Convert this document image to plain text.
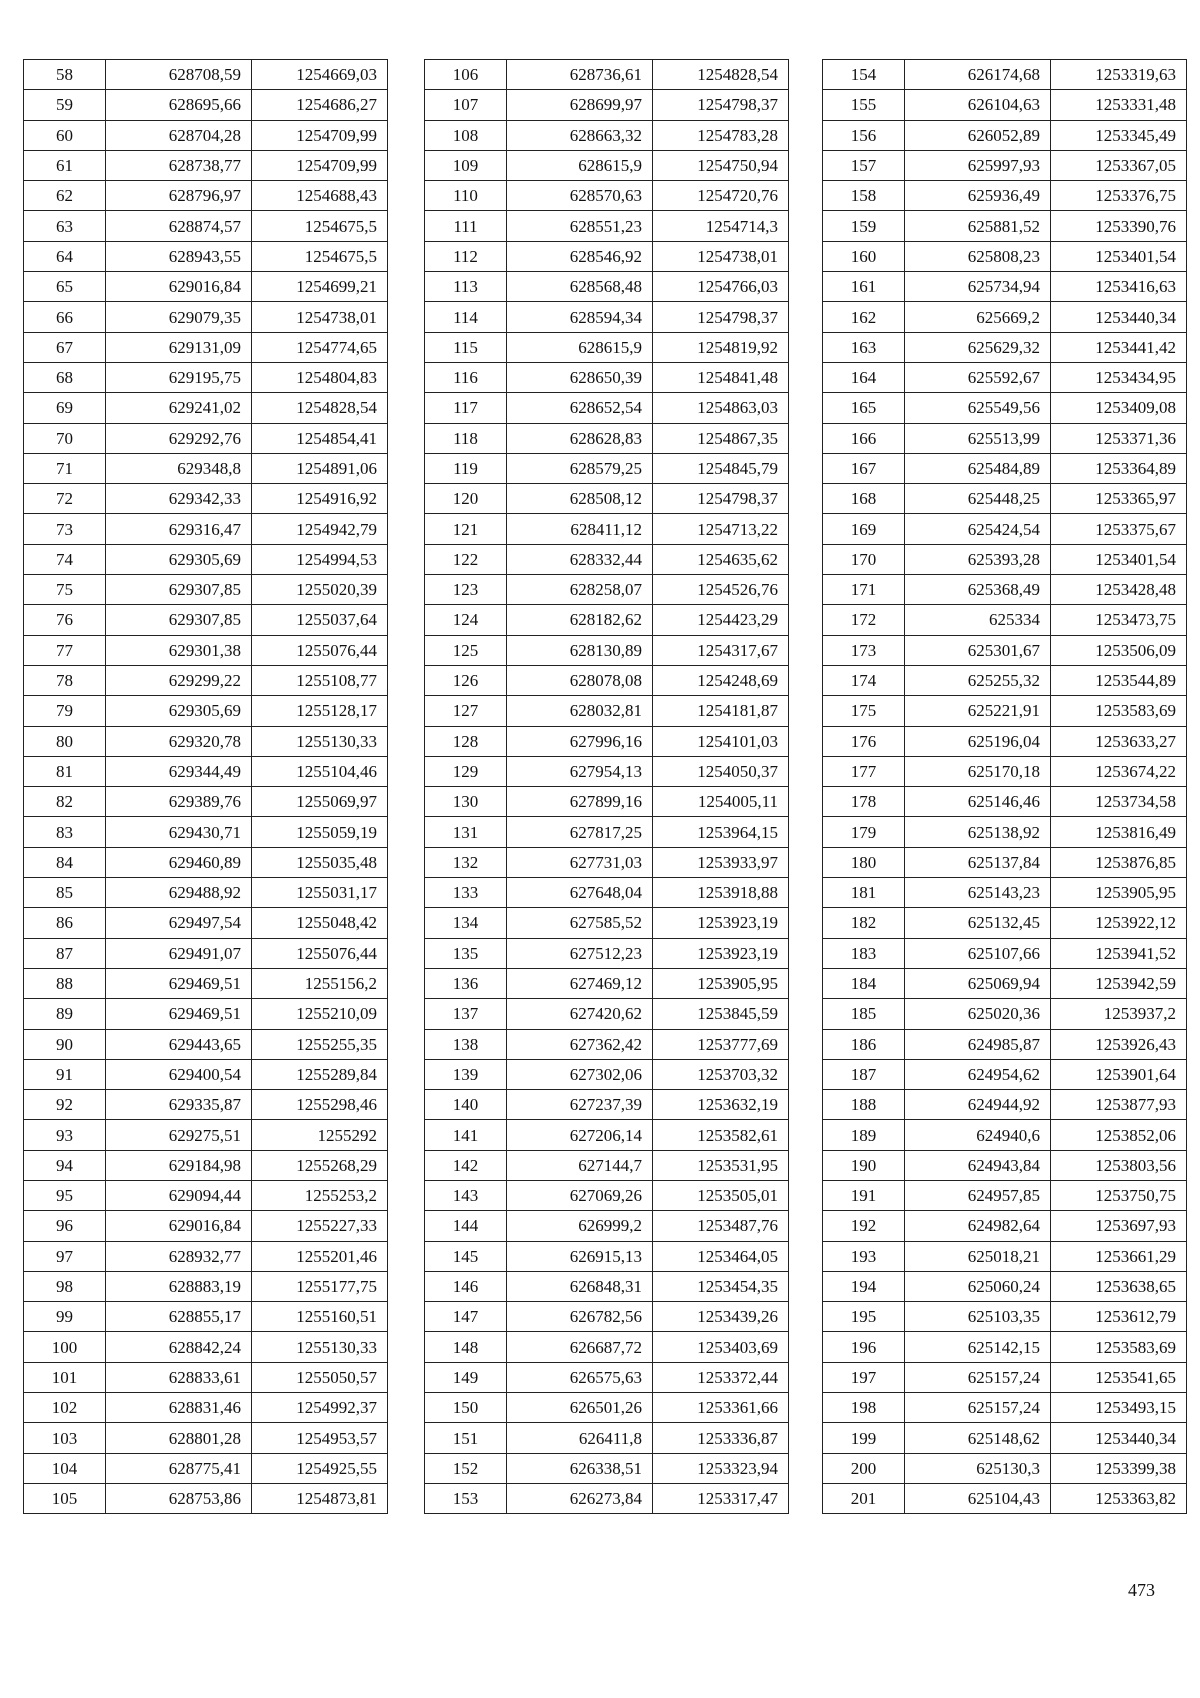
58	628708,59	1254669,03
59	628695,66	1254686,27
60	628704,28	1254709,99
61	628738,77	1254709,99
62	628796,97	1254688,43
63	628874,57	1254675,5
64	628943,55	1254675,5
65	629016,84	1254699,21
66	629079,35	1254738,01
67	629131,09	1254774,65
68	629195,75	1254804,83
69	629241,02	1254828,54
70	629292,76	1254854,41
71	629348,8	1254891,06
72	629342,33	1254916,92
73	629316,47	1254942,79
74	629305,69	1254994,53
75	629307,85	1255020,39
76	629307,85	1255037,64
77	629301,38	1255076,44
78	629299,22	1255108,77
79	629305,69	1255128,17
80	629320,78	1255130,33
81	629344,49	1255104,46
82	629389,76	1255069,97
83	629430,71	1255059,19
84	629460,89	1255035,48
85	629488,92	1255031,17
86	629497,54	1255048,42
87	629491,07	1255076,44
88	629469,51	1255156,2
89	629469,51	1255210,09
90	629443,65	1255255,35
91	629400,54	1255289,84
92	629335,87	1255298,46
93	629275,51	1255292
94	629184,98	1255268,29
95	629094,44	1255253,2
96	629016,84	1255227,33
97	628932,77	1255201,46
98	628883,19	1255177,75
99	628855,17	1255160,51
100	628842,24	1255130,33
101	628833,61	1255050,57
102	628831,46	1254992,37
103	628801,28	1254953,57
104	628775,41	1254925,55
105	628753,86	1254873,81
106	628736,61	1254828,54
107	628699,97	1254798,37
108	628663,32	1254783,28
109	628615,9	1254750,94
110	628570,63	1254720,76
111	628551,23	1254714,3
112	628546,92	1254738,01
113	628568,48	1254766,03
114	628594,34	1254798,37
115	628615,9	1254819,92
116	628650,39	1254841,48
117	628652,54	1254863,03
118	628628,83	1254867,35
119	628579,25	1254845,79
120	628508,12	1254798,37
121	628411,12	1254713,22
122	628332,44	1254635,62
123	628258,07	1254526,76
124	628182,62	1254423,29
125	628130,89	1254317,67
126	628078,08	1254248,69
127	628032,81	1254181,87
128	627996,16	1254101,03
129	627954,13	1254050,37
130	627899,16	1254005,11
131	627817,25	1253964,15
132	627731,03	1253933,97
133	627648,04	1253918,88
134	627585,52	1253923,19
135	627512,23	1253923,19
136	627469,12	1253905,95
137	627420,62	1253845,59
138	627362,42	1253777,69
139	627302,06	1253703,32
140	627237,39	1253632,19
141	627206,14	1253582,61
142	627144,7	1253531,95
143	627069,26	1253505,01
144	626999,2	1253487,76
145	626915,13	1253464,05
146	626848,31	1253454,35
147	626782,56	1253439,26
148	626687,72	1253403,69
149	626575,63	1253372,44
150	626501,26	1253361,66
151	626411,8	1253336,87
152	626338,51	1253323,94
153	626273,84	1253317,47
154	626174,68	1253319,63
155	626104,63	1253331,48
156	626052,89	1253345,49
157	625997,93	1253367,05
158	625936,49	1253376,75
159	625881,52	1253390,76
160	625808,23	1253401,54
161	625734,94	1253416,63
162	625669,2	1253440,34
163	625629,32	1253441,42
164	625592,67	1253434,95
165	625549,56	1253409,08
166	625513,99	1253371,36
167	625484,89	1253364,89
168	625448,25	1253365,97
169	625424,54	1253375,67
170	625393,28	1253401,54
171	625368,49	1253428,48
172	625334	1253473,75
173	625301,67	1253506,09
174	625255,32	1253544,89
175	625221,91	1253583,69
176	625196,04	1253633,27
177	625170,18	1253674,22
178	625146,46	1253734,58
179	625138,92	1253816,49
180	625137,84	1253876,85
181	625143,23	1253905,95
182	625132,45	1253922,12
183	625107,66	1253941,52
184	625069,94	1253942,59
185	625020,36	1253937,2
186	624985,87	1253926,43
187	624954,62	1253901,64
188	624944,92	1253877,93
189	624940,6	1253852,06
190	624943,84	1253803,56
191	624957,85	1253750,75
192	624982,64	1253697,93
193	625018,21	1253661,29
194	625060,24	1253638,65
195	625103,35	1253612,79
196	625142,15	1253583,69
197	625157,24	1253541,65
198	625157,24	1253493,15
199	625148,62	1253440,34
200	625130,3	1253399,38
201	625104,43	1253363,82
473
